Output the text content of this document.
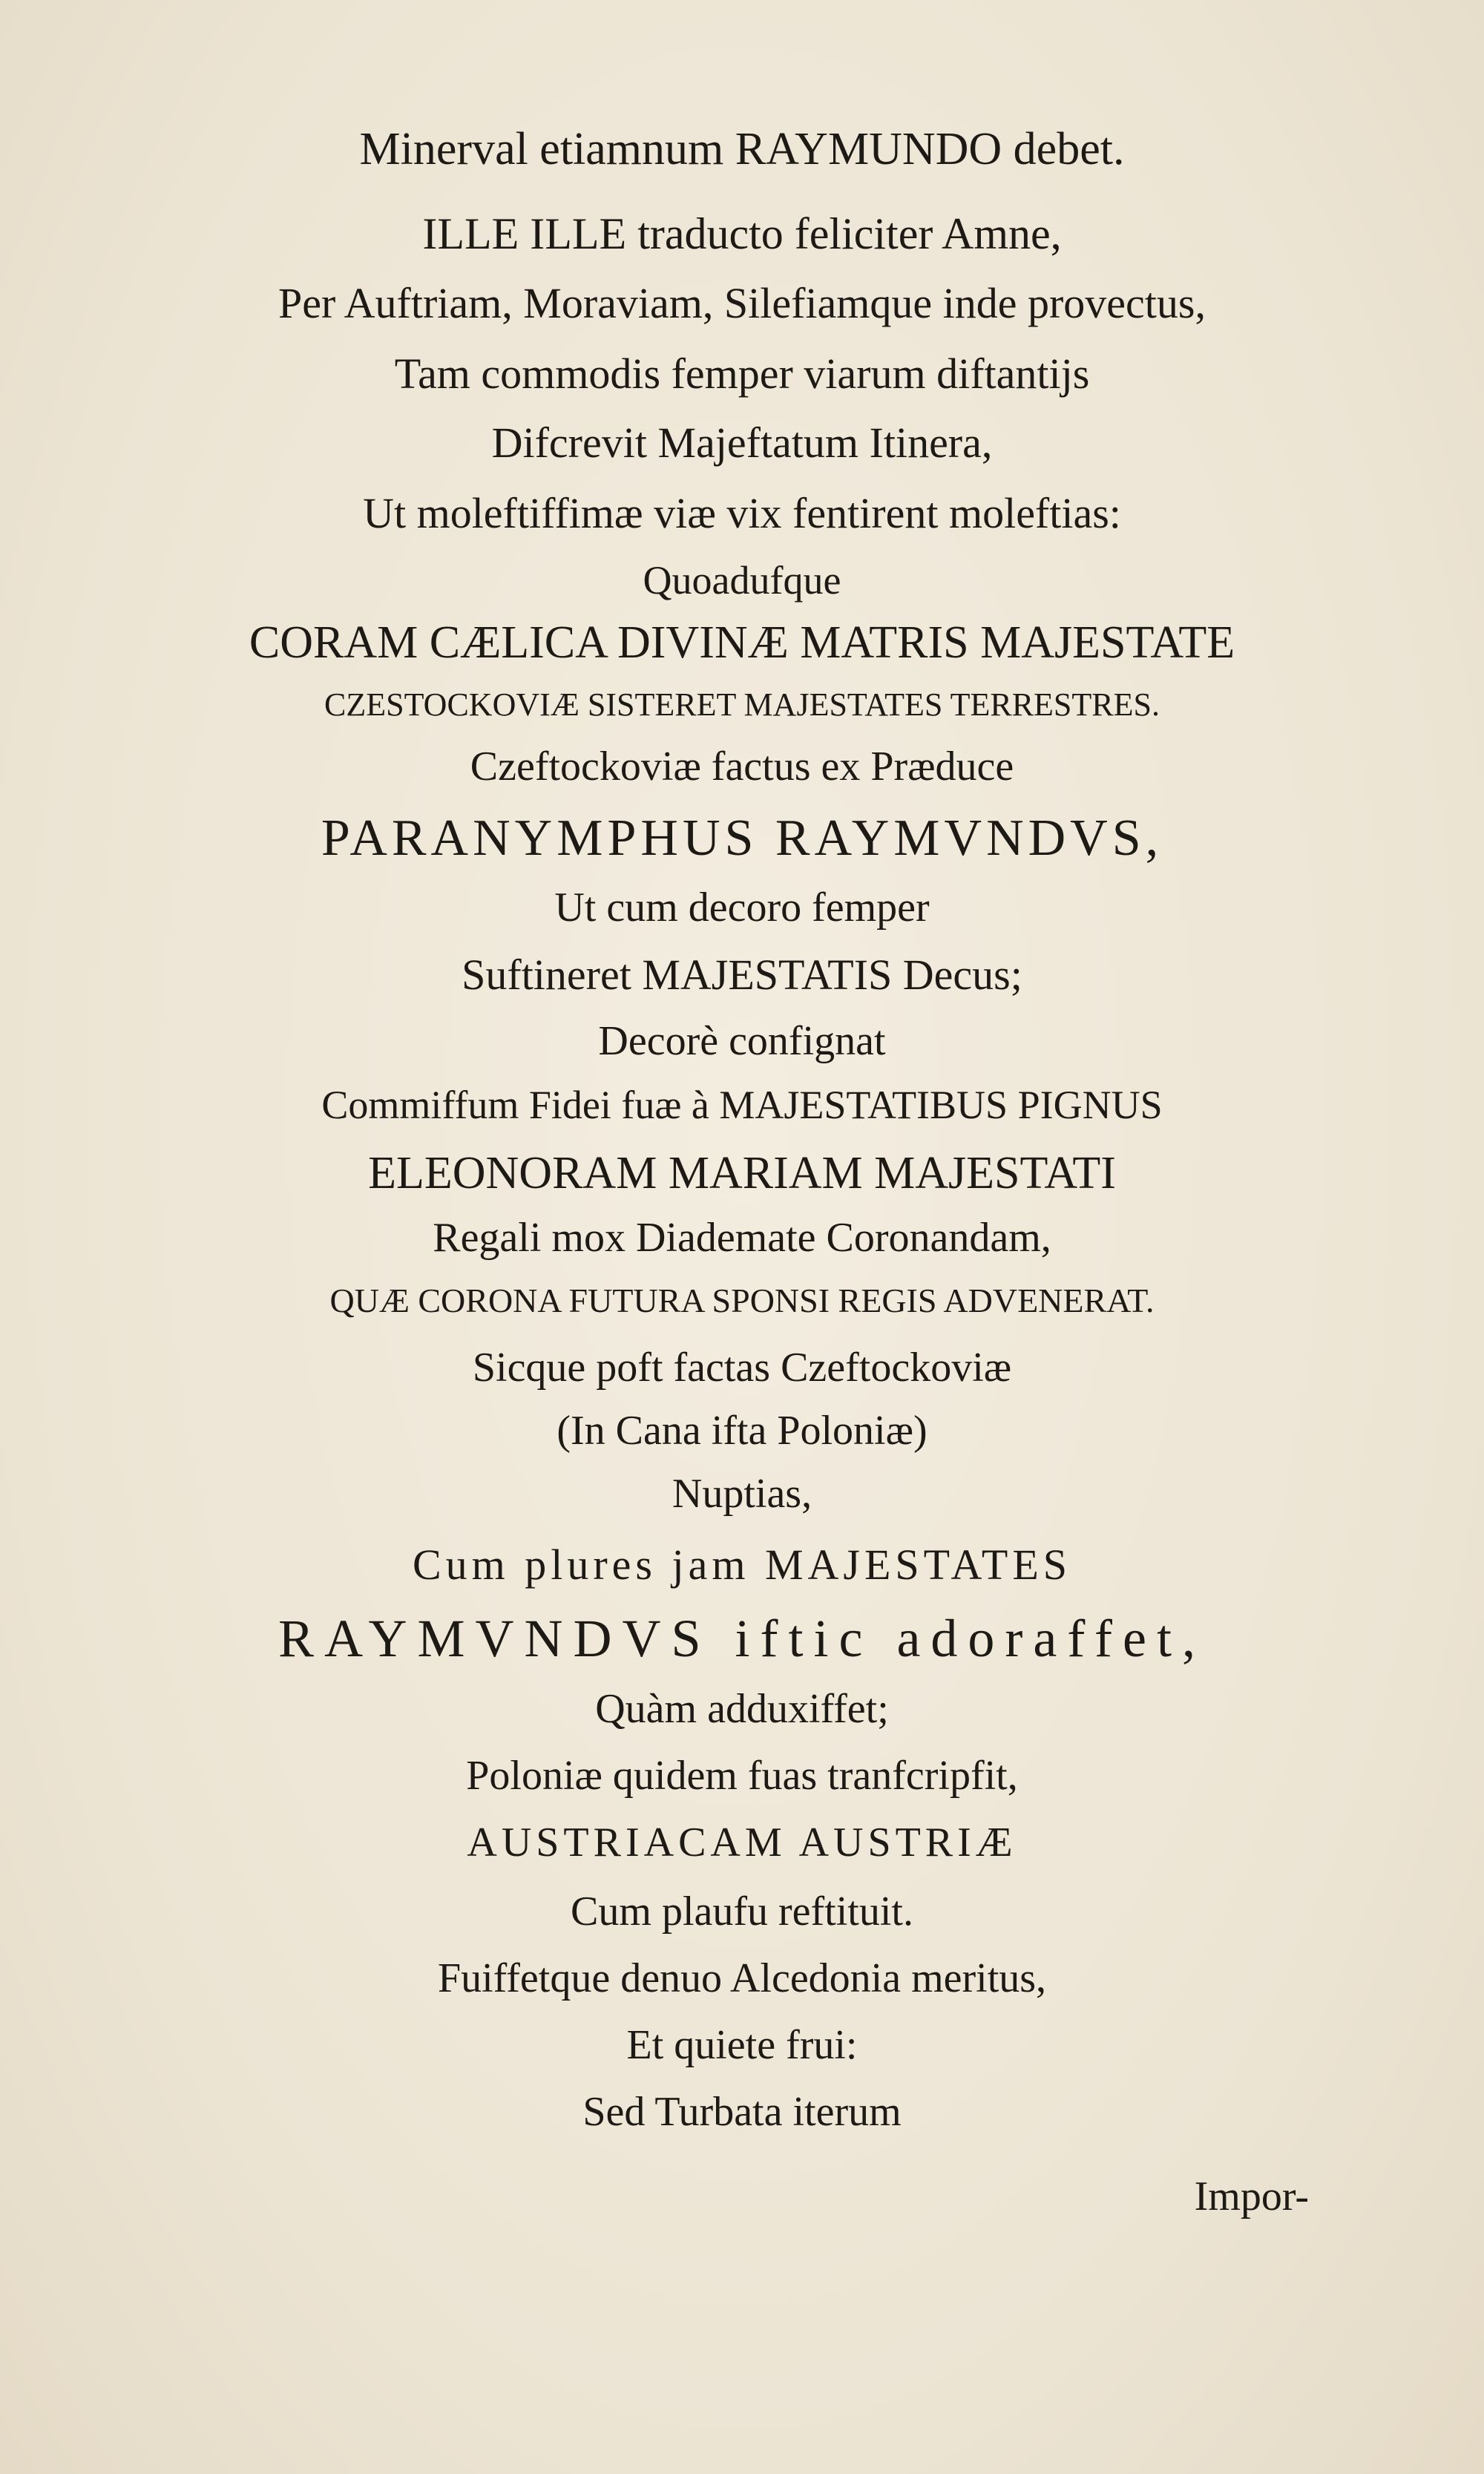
Minerval etiamnum RAYMUNDO debet.
ILLE ILLE traducto feliciter Amne,
Per Auftriam, Moraviam, Silefiamque inde provectus,
Tam commodis femper viarum diftantijs
Difcrevit Majeftatum Itinera,
Ut moleftiffimæ viæ vix fentirent moleftias:
Quoadufque
CORAM CÆLICA DIVINÆ MATRIS MAJESTATE
CZESTOCKOVIÆ SISTERET MAJESTATES TERRESTRES.
Czeftockoviæ factus ex Præduce
PARANYMPHUS RAYMVNDVS,
Ut cum decoro femper
Suftineret MAJESTATIS Decus;
Decorè confignat
Commiffum Fidei fuæ à MAJESTATIBUS PIGNUS
ELEONORAM MARIAM MAJESTATI
Regali mox Diademate Coronandam,
QUÆ CORONA FUTURA SPONSI REGIS ADVENERAT.
Sicque poft factas Czeftockoviæ
(In Cana ifta Poloniæ)
Nuptias,
Cum plures jam MAJESTATES
RAYMVNDVS iftic adoraffet,
Quàm adduxiffet;
Poloniæ quidem fuas tranfcripfit,
AUSTRIACAM AUSTRIÆ
Cum plaufu reftituit.
Fuiffetque denuo Alcedonia meritus,
Et quiete frui:
Sed Turbata iterum
Impor-
